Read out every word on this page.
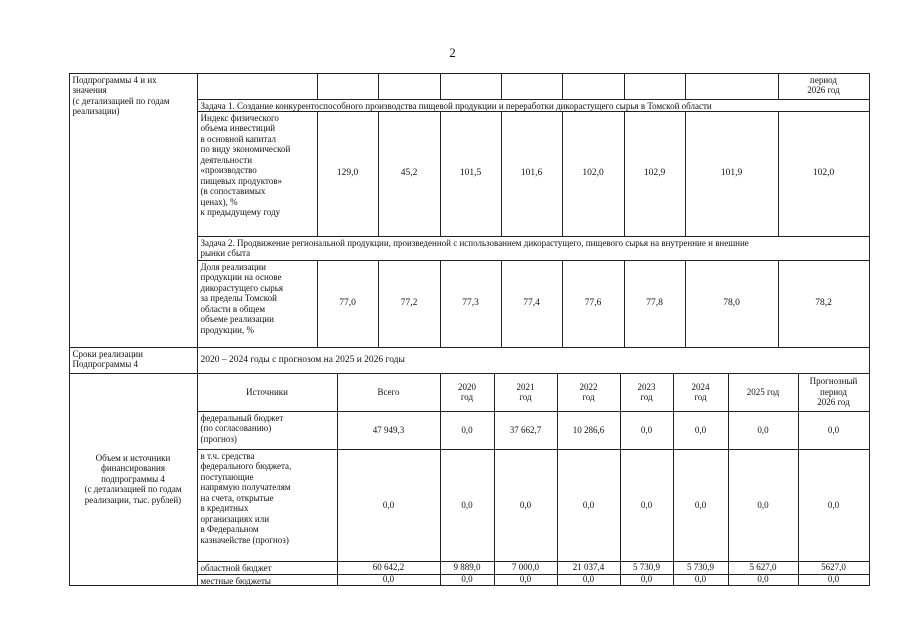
2
Подпрограммы 4 и их
значения
(с детализацией по годам
реализации)
период
2026 год
Задача 1. Создание конкурентоспособного производства пищевой продукции и переработки дикорастущего сырья в Томской области
Индекс физического
объема инвестиций
в основной капитал
по виду экономической
деятельности
«производство
пищевых продуктов»
(в сопоставимых
ценах), %
к предыдущему году
129,0	45,2	101,5	101,6	102,0	102,9	101,9	102,0
Задача 2. Продвижение региональной продукции, произведенной с использованием дикорастущего, пищевого сырья на внутренние и внешние
рынки сбыта
Доля реализации
продукции на основе
дикорастущего сырья
за пределы Томской
области в общем
объеме реализации
продукции, %
77,0	77,2	77,3	77,4	77,6	77,8	78,0	78,2
Сроки реализации
Подпрограммы 4	2020 – 2024 годы с прогнозом на 2025 и 2026 годы
Объем и источники
финансирования
подпрограммы 4
(с детализацией по годам
реализации, тыс. рублей)
Источники	Всего
2020
год
2021
год
2022
год
2023
год
2024
год
2025 год
Прогнозный
период
2026 год
федеральный бюджет
(по согласованию)
(прогноз)
47 949,3	0,0	37 662,7	10 286,6	0,0	0,0	0,0	0,0
в т.ч. средства
федерального бюджета,
поступающие
напрямую получателям
на счета, открытые
в кредитных
организациях или
в Федеральном
казначействе (прогноз)
0,0	0,0	0,0	0,0	0,0	0,0	0,0	0,0
областной бюджет	60 642,2	9 889,0	7 000,0	21 037,4	5 730,9	5 730,9	5 627,0	5627,0
местные бюджеты	0,0	0,0	0,0	0,0	0,0	0,0	0,0	0,0
